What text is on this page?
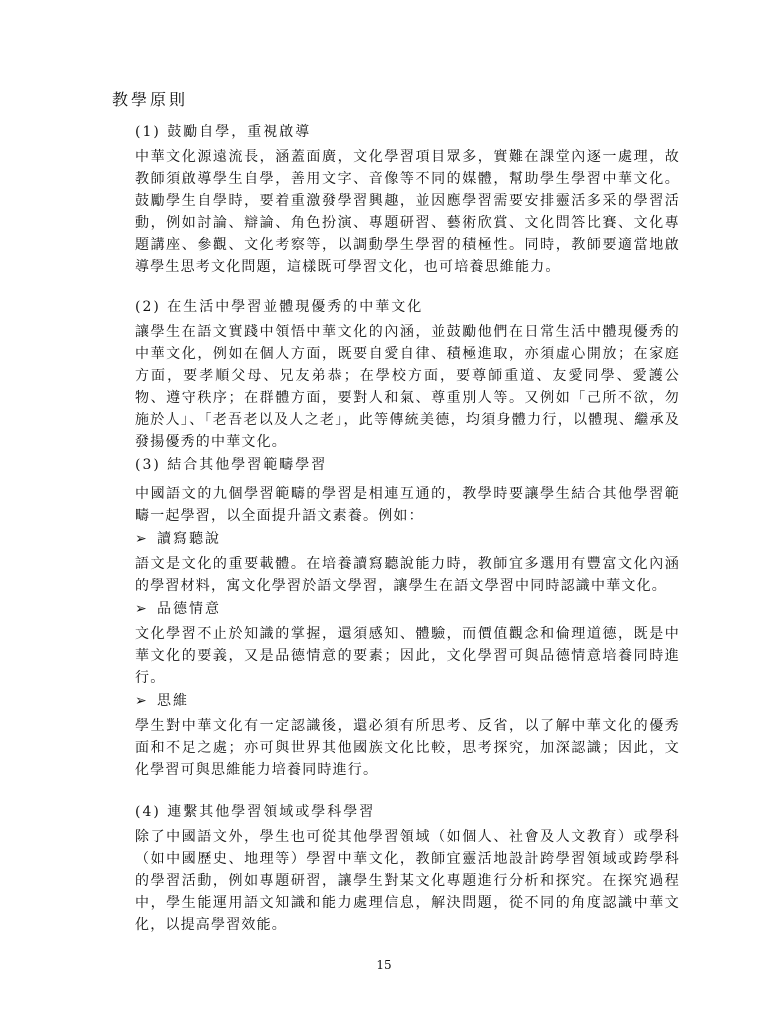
教學原則
(1) 鼓勵自學，重視啟導

中華文化源遠流長，涵蓋面廣，文化學習項目眾多，實難在課堂內逐一處理，故教師須啟導學生自學，善用文字、音像等不同的媒體，幫助學生學習中華文化。鼓勵學生自學時，要着重激發學習興趣，並因應學習需要安排靈活多采的學習活動，例如討論、辯論、角色扮演、專題研習、藝術欣賞、文化問答比賽、文化專題講座、參觀、文化考察等，以調動學生學習的積極性。同時，教師要適當地啟導學生思考文化問題，這樣既可學習文化，也可培養思維能力。

(2) 在生活中學習並體現優秀的中華文化

讓學生在語文實踐中領悟中華文化的內涵，並鼓勵他們在日常生活中體現優秀的中華文化，例如在個人方面，既要自愛自律、積極進取，亦須虛心開放；在家庭方面，要孝順父母、兄友弟恭；在學校方面，要尊師重道、友愛同學、愛護公物、遵守秩序；在群體方面，要對人和氣、尊重別人等。又例如「己所不欲，勿施於人」、「老吾老以及人之老」，此等傳統美德，均須身體力行，以體現、繼承及發揚優秀的中華文化。

(3) 結合其他學習範疇學習

中國語文的九個學習範疇的學習是相連互通的，教學時要讓學生結合其他學習範疇一起學習，以全面提升語文素養。例如：

➢ 讀寫聽說

語文是文化的重要載體。在培養讀寫聽說能力時，教師宜多選用有豐富文化內涵的學習材料，寓文化學習於語文學習，讓學生在語文學習中同時認識中華文化。

➢ 品德情意

文化學習不止於知識的掌握，還須感知、體驗，而價值觀念和倫理道德，既是中華文化的要義，又是品德情意的要素；因此，文化學習可與品德情意培養同時進行。

➢ 思維

學生對中華文化有一定認識後，還必須有所思考、反省，以了解中華文化的優秀面和不足之處；亦可與世界其他國族文化比較，思考探究，加深認識；因此，文化學習可與思維能力培養同時進行。

(4) 連繫其他學習領域或學科學習

除了中國語文外，學生也可從其他學習領域（如個人、社會及人文教育）或學科（如中國歷史、地理等）學習中華文化，教師宜靈活地設計跨學習領域或跨學科的學習活動，例如專題研習，讓學生對某文化專題進行分析和探究。在探究過程中，學生能運用語文知識和能力處理信息，解決問題，從不同的角度認識中華文化，以提高學習效能。

15
